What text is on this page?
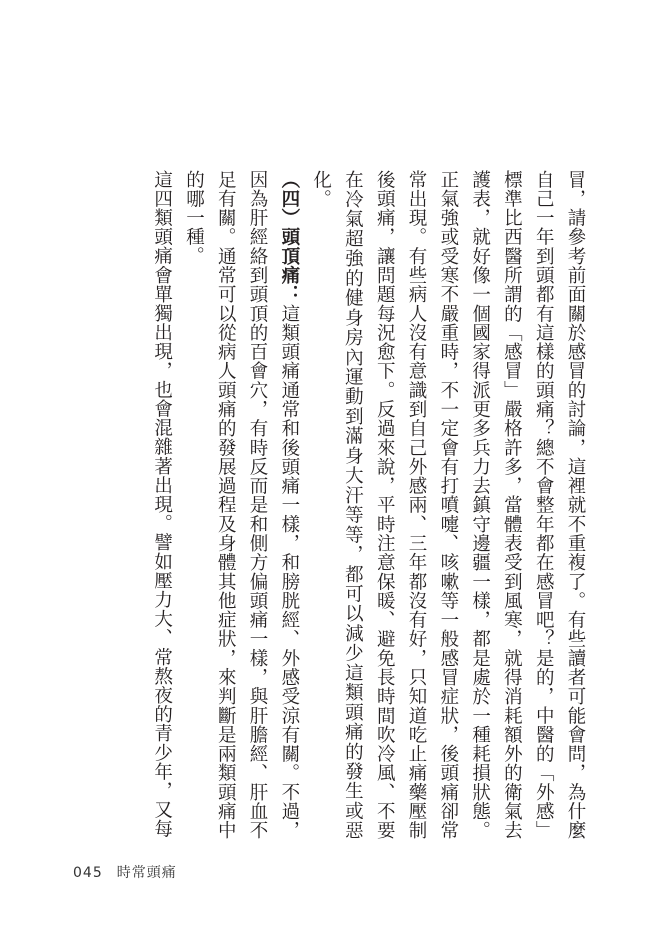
冒，請參考前面關於感冒的討論，這裡就不重複了。有些讀者可能會問，為什麼自己一年到頭都有這樣的頭痛？總不會整年都在感冒吧？是的，中醫的「外感」標準比西醫所謂的「感冒」嚴格許多，當體表受到風寒，就得消耗額外的衛氣去護表，就好像一個國家得派更多兵力去鎮守邊疆一樣，都是處於一種耗損狀態。正氣強或受寒不嚴重時，不一定會有打噴嚏、咳嗽等一般感冒症狀，後頭痛卻常常出現。有些病人沒有意識到自己外感兩、三年都沒有好，只知道吃止痛藥壓制後頭痛，讓問題每況愈下。反過來說，平時注意保暖、避免長時間吹冷風、不要在冷氣超強的健身房內運動到滿身大汗等等，都可以減少這類頭痛的發生或惡化。

（四）頭頂痛：這類頭痛通常和後頭痛一樣，和膀胱經、外感受涼有關。不過，因為肝經絡到頭頂的百會穴，有時反而是和側方偏頭痛一樣，與肝膽經、肝血不足有關。通常可以從病人頭痛的發展過程及身體其他症狀，來判斷是兩類頭痛中的哪一種。

這四類頭痛會單獨出現，也會混雜著出現。譬如壓力大、常熬夜的青少年，又每

045 時常頭痛
